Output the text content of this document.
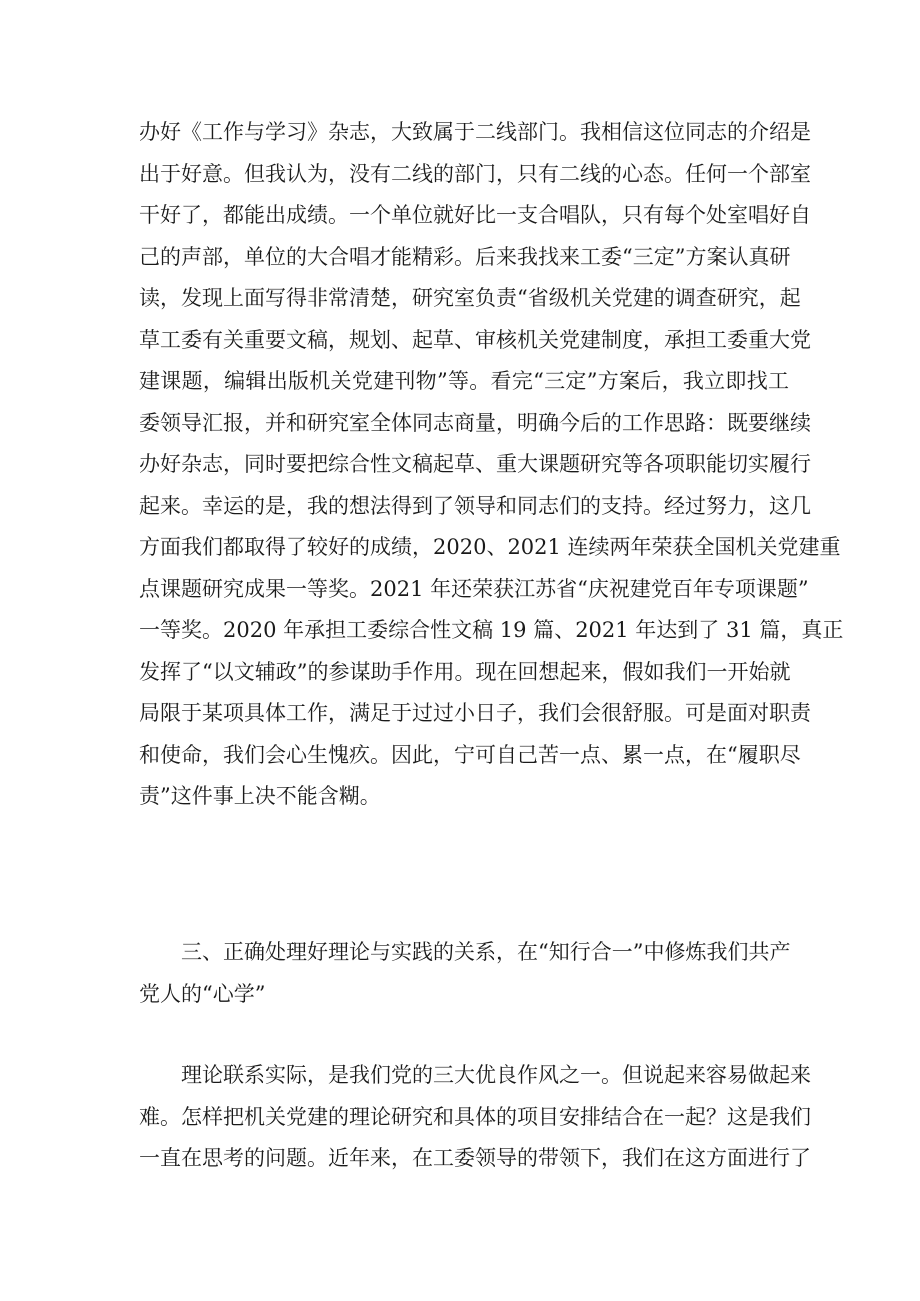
办好《工作与学习》杂志，大致属于二线部门。我相信这位同志的介绍是
出于好意。但我认为，没有二线的部门，只有二线的心态。任何一个部室
干好了，都能出成绩。一个单位就好比一支合唱队，只有每个处室唱好自
己的声部，单位的大合唱才能精彩。后来我找来工委“三定”方案认真研
读，发现上面写得非常清楚，研究室负责“省级机关党建的调查研究，起
草工委有关重要文稿，规划、起草、审核机关党建制度，承担工委重大党
建课题，编辑出版机关党建刊物”等。看完“三定”方案后，我立即找工
委领导汇报，并和研究室全体同志商量，明确今后的工作思路：既要继续
办好杂志，同时要把综合性文稿起草、重大课题研究等各项职能切实履行
起来。幸运的是，我的想法得到了领导和同志们的支持。经过努力，这几
方面我们都取得了较好的成绩，2020、2021 连续两年荣获全国机关党建重
点课题研究成果一等奖。2021 年还荣获江苏省“庆祝建党百年专项课题”
一等奖。2020 年承担工委综合性文稿 19 篇、2021 年达到了 31 篇，真正
发挥了“以文辅政”的参谋助手作用。现在回想起来，假如我们一开始就
局限于某项具体工作，满足于过过小日子，我们会很舒服。可是面对职责
和使命，我们会心生愧疚。因此，宁可自己苦一点、累一点，在“履职尽
责”这件事上决不能含糊。
三、正确处理好理论与实践的关系，在“知行合一”中修炼我们共产
党人的“心学”
理论联系实际，是我们党的三大优良作风之一。但说起来容易做起来
难。怎样把机关党建的理论研究和具体的项目安排结合在一起？这是我们
一直在思考的问题。近年来，在工委领导的带领下，我们在这方面进行了
